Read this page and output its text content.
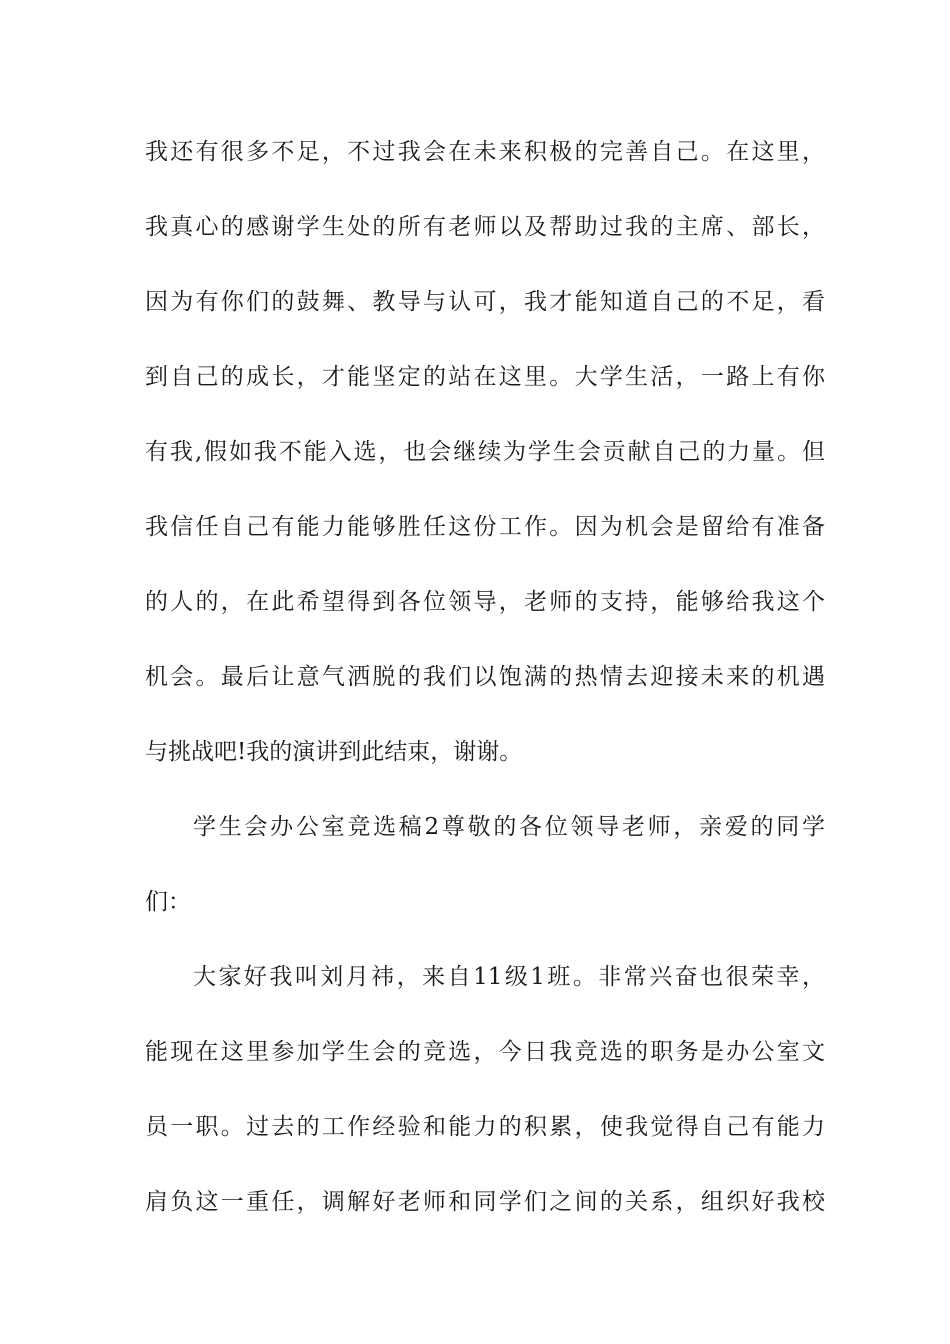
我还有很多不足，不过我会在未来积极的完善自己。在这里，
我真心的感谢学生处的所有老师以及帮助过我的主席、部长，
因为有你们的鼓舞、教导与认可，我才能知道自己的不足，看
到自己的成长，才能坚定的站在这里。大学生活，一路上有你
有我,假如我不能入选，也会继续为学生会贡献自己的力量。但
我信任自己有能力能够胜任这份工作。因为机会是留给有准备
的人的，在此希望得到各位领导，老师的支持，能够给我这个
机会。最后让意气洒脱的我们以饱满的热情去迎接未来的机遇
与挑战吧!我的演讲到此结束，谢谢。
学生会办公室竞选稿2尊敬的各位领导老师，亲爱的同学
们：
大家好我叫刘月祎，来自11级1班。非常兴奋也很荣幸，
能现在这里参加学生会的竞选，今日我竞选的职务是办公室文
员一职。过去的工作经验和能力的积累，使我觉得自己有能力
肩负这一重任，调解好老师和同学们之间的关系，组织好我校
